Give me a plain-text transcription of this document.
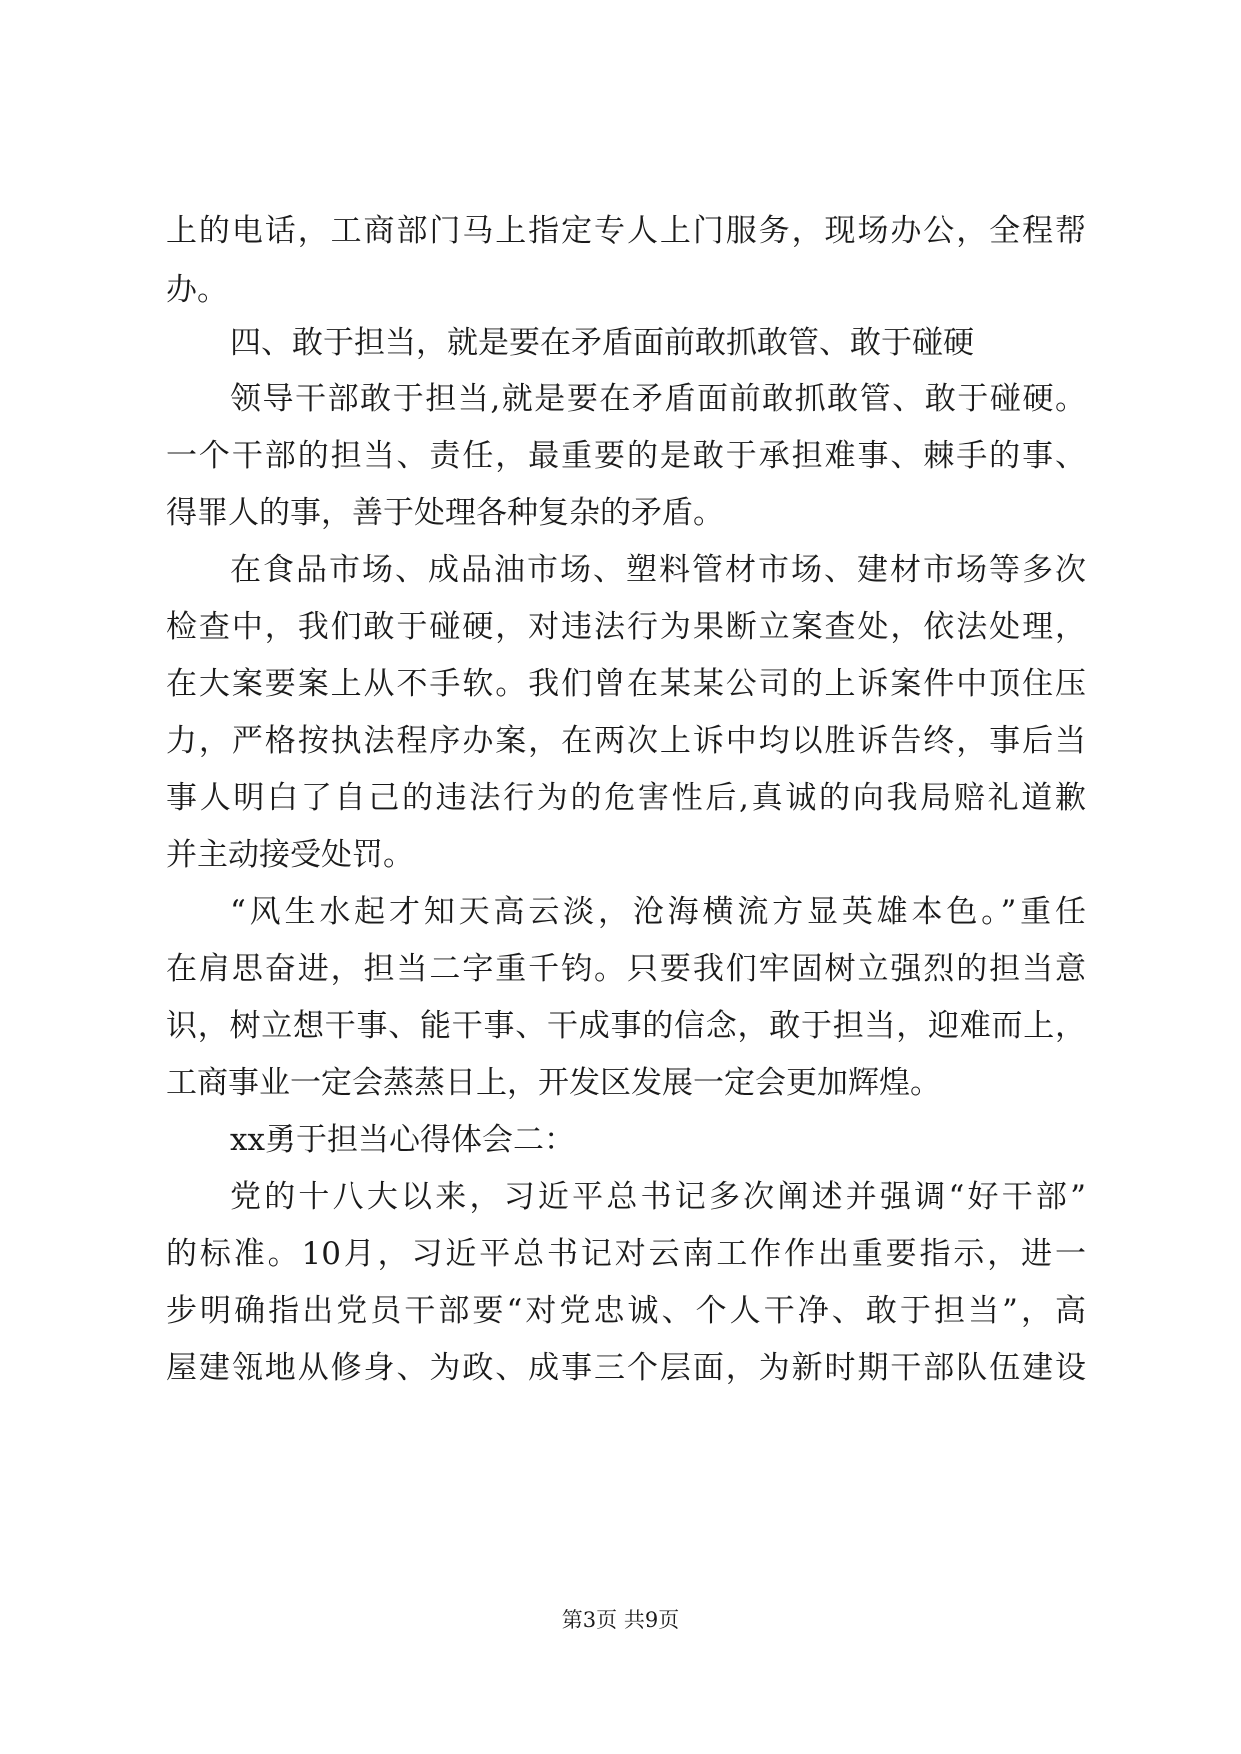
上的电话，工商部门马上指定专人上门服务，现场办公，全程帮
办。
四、敢于担当，就是要在矛盾面前敢抓敢管、敢于碰硬
领导干部敢于担当,就是要在矛盾面前敢抓敢管、敢于碰硬。
一个干部的担当、责任，最重要的是敢于承担难事、棘手的事、
得罪人的事，善于处理各种复杂的矛盾。
在食品市场、成品油市场、塑料管材市场、建材市场等多次
检查中，我们敢于碰硬，对违法行为果断立案查处，依法处理，
在大案要案上从不手软。我们曾在某某公司的上诉案件中顶住压
力，严格按执法程序办案，在两次上诉中均以胜诉告终，事后当
事人明白了自己的违法行为的危害性后,真诚的向我局赔礼道歉
并主动接受处罚。
“风生水起才知天高云淡，沧海横流方显英雄本色。”重任
在肩思奋进，担当二字重千钧。只要我们牢固树立强烈的担当意
识，树立想干事、能干事、干成事的信念，敢于担当，迎难而上，
工商事业一定会蒸蒸日上，开发区发展一定会更加辉煌。
xx勇于担当心得体会二：
党的十八大以来，习近平总书记多次阐述并强调“好干部”
的标准。10月，习近平总书记对云南工作作出重要指示，进一
步明确指出党员干部要“对党忠诚、个人干净、敢于担当”，高
屋建瓴地从修身、为政、成事三个层面，为新时期干部队伍建设
第3页 共9页
